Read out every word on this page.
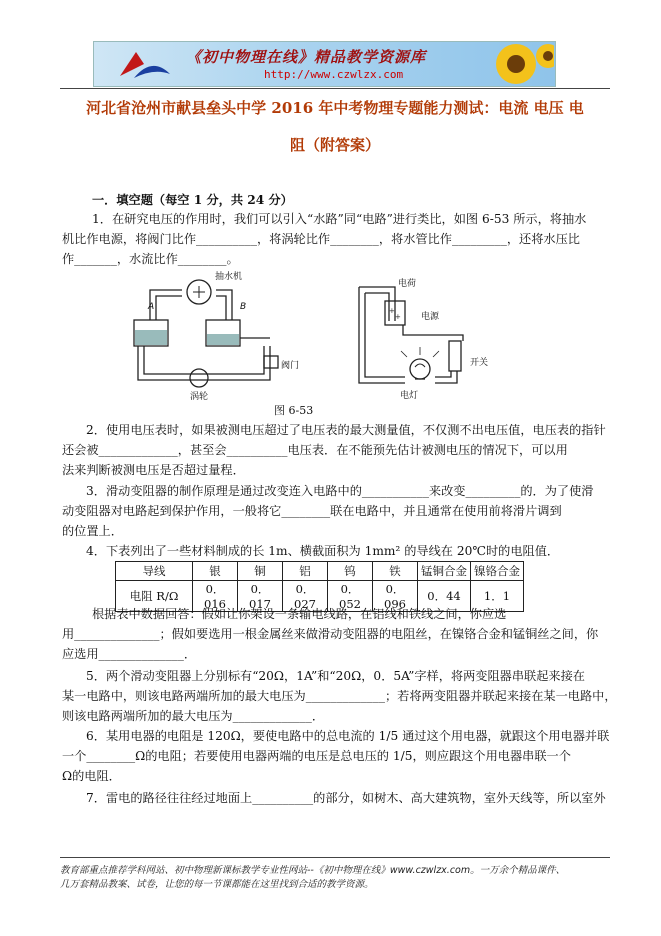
《初中物理在线》精品教学资源库
http://www.czwlzx.com
河北省沧州市献县垒头中学 2016 年中考物理专题能力测试：电流 电压 电
阻（附答案）
一．填空题（每空 1 分，共 24 分）
1．在研究电压的作用时，我们可以引入“水路”同“电路”进行类比，如图 6-53 所示，将抽水
机比作电源，将阀门比作__________，将涡轮比作________，将水管比作_________，还将水压比
作_______，水流比作________。
抽水机
A	B
阀门
涡轮
+
+
电荷
电源
开关
电灯
图 6-53
2．使用电压表时，如果被测电压超过了电压表的最大测量值，不仅测不出电压值，电压表的指针
还会被_____________，甚至会__________电压表．在不能预先估计被测电压的情况下，可以用
法来判断被测电压是否超过量程．
3．滑动变阻器的制作原理是通过改变连入电路中的___________来改变_________的．为了使滑
动变阻器对电路起到保护作用，一般将它________联在电路中，并且通常在使用前将滑片调到
的位置上．
4．下表列出了一些材料制成的长 1m、横截面积为 1mm² 的导线在 20℃时的电阻值．
导线	银	铜	铝	钨	铁	锰铜合金	镍铬合金
电阻 R/Ω	0．016	0．017	0．027	0．052	0．096	0．44	1．1
根据表中数据回答：假如让你架设一条输电线路，在铝线和铁线之间，你应选
用______________；假如要选用一根金属丝来做滑动变阻器的电阻丝，在镍铬合金和锰铜丝之间，你
应选用______________．
5．两个滑动变阻器上分别标有“20Ω，1A”和“20Ω，0．5A”字样，将两变阻器串联起来接在
某一电路中，则该电路两端所加的最大电压为_____________；若将两变阻器并联起来接在某一电路中，
则该电路两端所加的最大电压为_____________．
6．某用电器的电阻是 120Ω，要使电路中的总电流的 1/5 通过这个用电器，就跟这个用电器并联
一个________Ω的电阻；若要使用电器两端的电压是总电压的 1/5，则应跟这个用电器串联一个
Ω的电阻．
7．雷电的路径往往经过地面上__________的部分，如树木、高大建筑物，室外天线等，所以室外
教育部重点推荐学科网站、初中物理新课标教学专业性网站--《初中物理在线》www.czwlzx.com。一万余个精品课件、
几万套精品教案、试卷，让您的每一节课都能在这里找到合适的教学资源。
